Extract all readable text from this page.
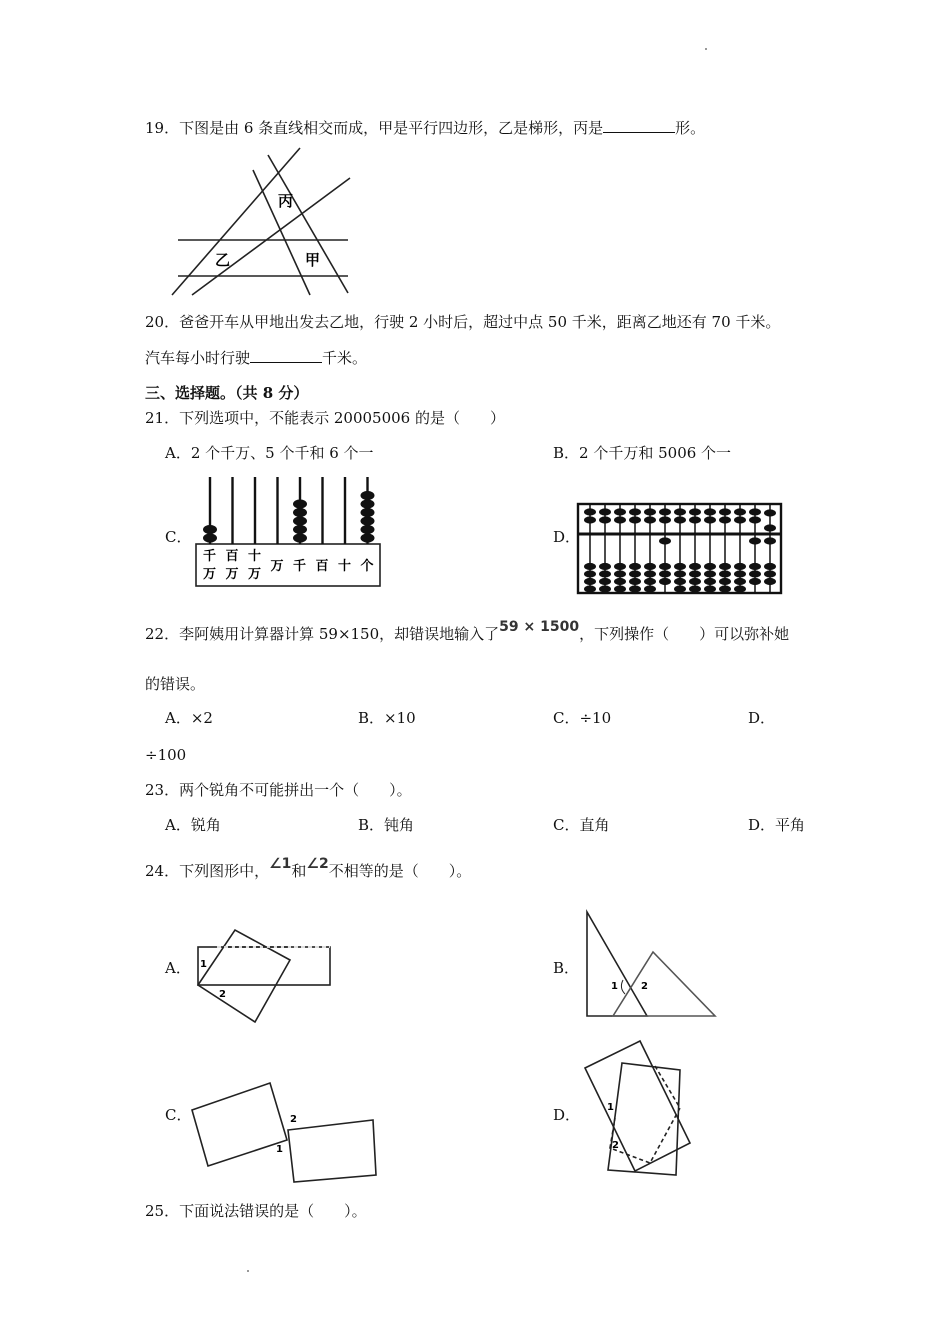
19．下图是由 6 条直线相交而成，甲是平行四边形，乙是梯形，丙是	形。
丙
乙	甲
20．爸爸开车从甲地出发去乙地，行驶 2 小时后，超过中点 50 千米，距离乙地还有 70 千米。
汽车每小时行驶	千米。
三、选择题。（共 8 分）
21．下列选项中，不能表示 20005006 的是（　　）
A．2 个千万、5 个千和 6 个一	B．2 个千万和 5006 个一
C．	D．
千
万
百
万
十
万
万 千 百 十 个
22．李阿姨用计算器计算 59×150，却错误地输入了59 × 1500，下列操作（　　）可以弥补她
的错误。
A．×2	B．×10	C．÷10	D．
÷100
23．两个锐角不可能拼出一个（　　）。
A．锐角	B．钝角	C．直角	D．平角
24．下列图形中，∠1和∠2不相等的是（　　）。
A．	B．
C．	D．
1
2
1 2
2
1
1
2
25．下面说法错误的是（　　）。
